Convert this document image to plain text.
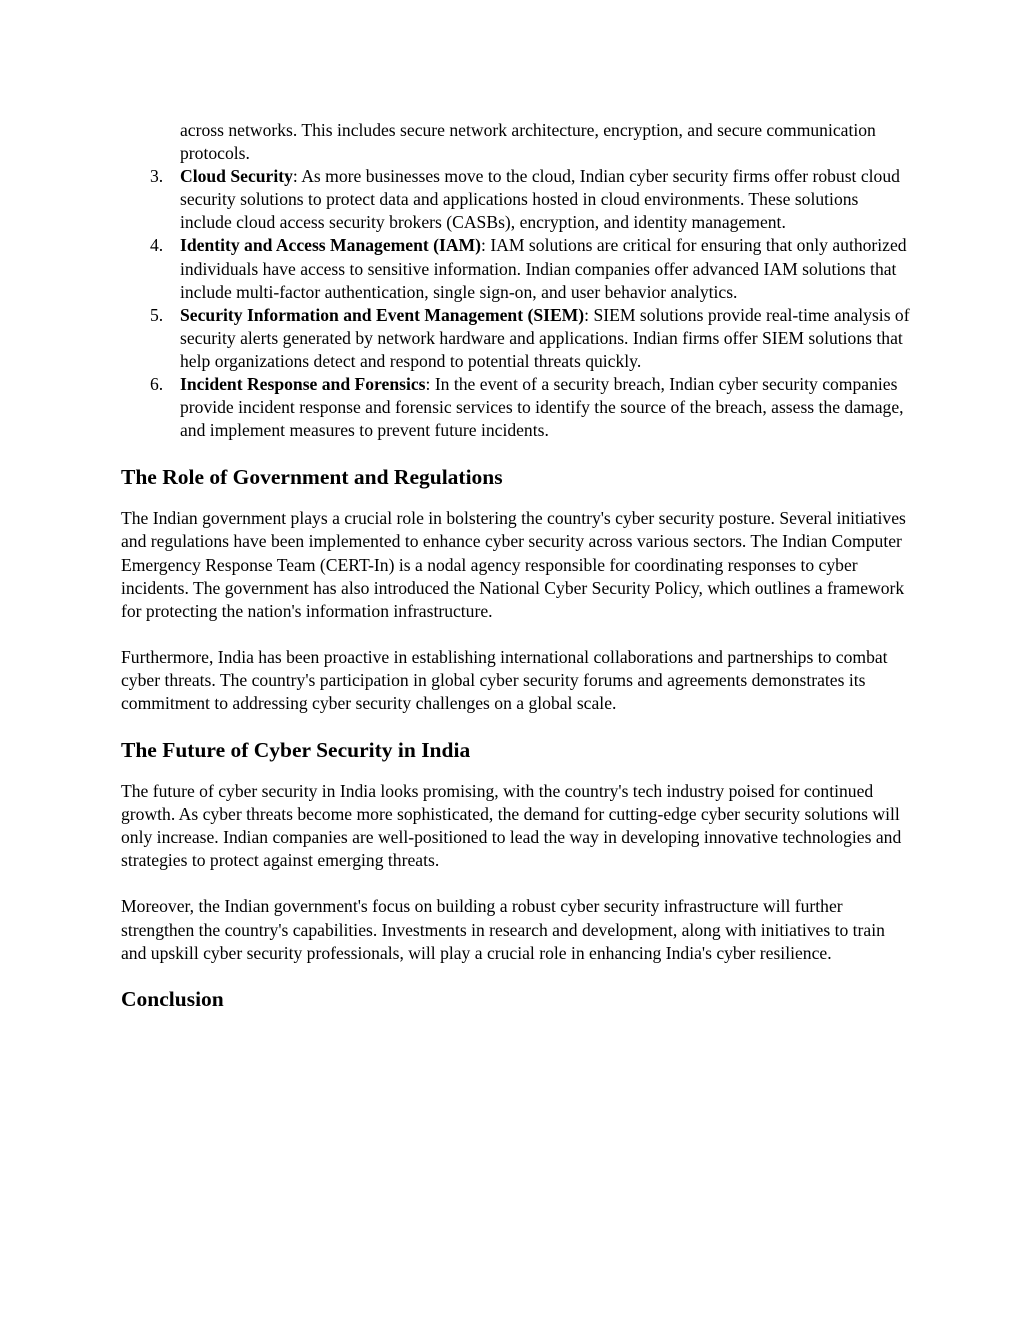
across networks. This includes secure network architecture, encryption, and secure communication protocols.
3. Cloud Security: As more businesses move to the cloud, Indian cyber security firms offer robust cloud security solutions to protect data and applications hosted in cloud environments. These solutions include cloud access security brokers (CASBs), encryption, and identity management.
4. Identity and Access Management (IAM): IAM solutions are critical for ensuring that only authorized individuals have access to sensitive information. Indian companies offer advanced IAM solutions that include multi-factor authentication, single sign-on, and user behavior analytics.
5. Security Information and Event Management (SIEM): SIEM solutions provide real-time analysis of security alerts generated by network hardware and applications. Indian firms offer SIEM solutions that help organizations detect and respond to potential threats quickly.
6. Incident Response and Forensics: In the event of a security breach, Indian cyber security companies provide incident response and forensic services to identify the source of the breach, assess the damage, and implement measures to prevent future incidents.
The Role of Government and Regulations

The Indian government plays a crucial role in bolstering the country's cyber security posture. Several initiatives and regulations have been implemented to enhance cyber security across various sectors. The Indian Computer Emergency Response Team (CERT-In) is a nodal agency responsible for coordinating responses to cyber incidents. The government has also introduced the National Cyber Security Policy, which outlines a framework for protecting the nation's information infrastructure.

Furthermore, India has been proactive in establishing international collaborations and partnerships to combat cyber threats. The country's participation in global cyber security forums and agreements demonstrates its commitment to addressing cyber security challenges on a global scale.

The Future of Cyber Security in India

The future of cyber security in India looks promising, with the country's tech industry poised for continued growth. As cyber threats become more sophisticated, the demand for cutting-edge cyber security solutions will only increase. Indian companies are well-positioned to lead the way in developing innovative technologies and strategies to protect against emerging threats.

Moreover, the Indian government's focus on building a robust cyber security infrastructure will further strengthen the country's capabilities. Investments in research and development, along with initiatives to train and upskill cyber security professionals, will play a crucial role in enhancing India's cyber resilience.

Conclusion
